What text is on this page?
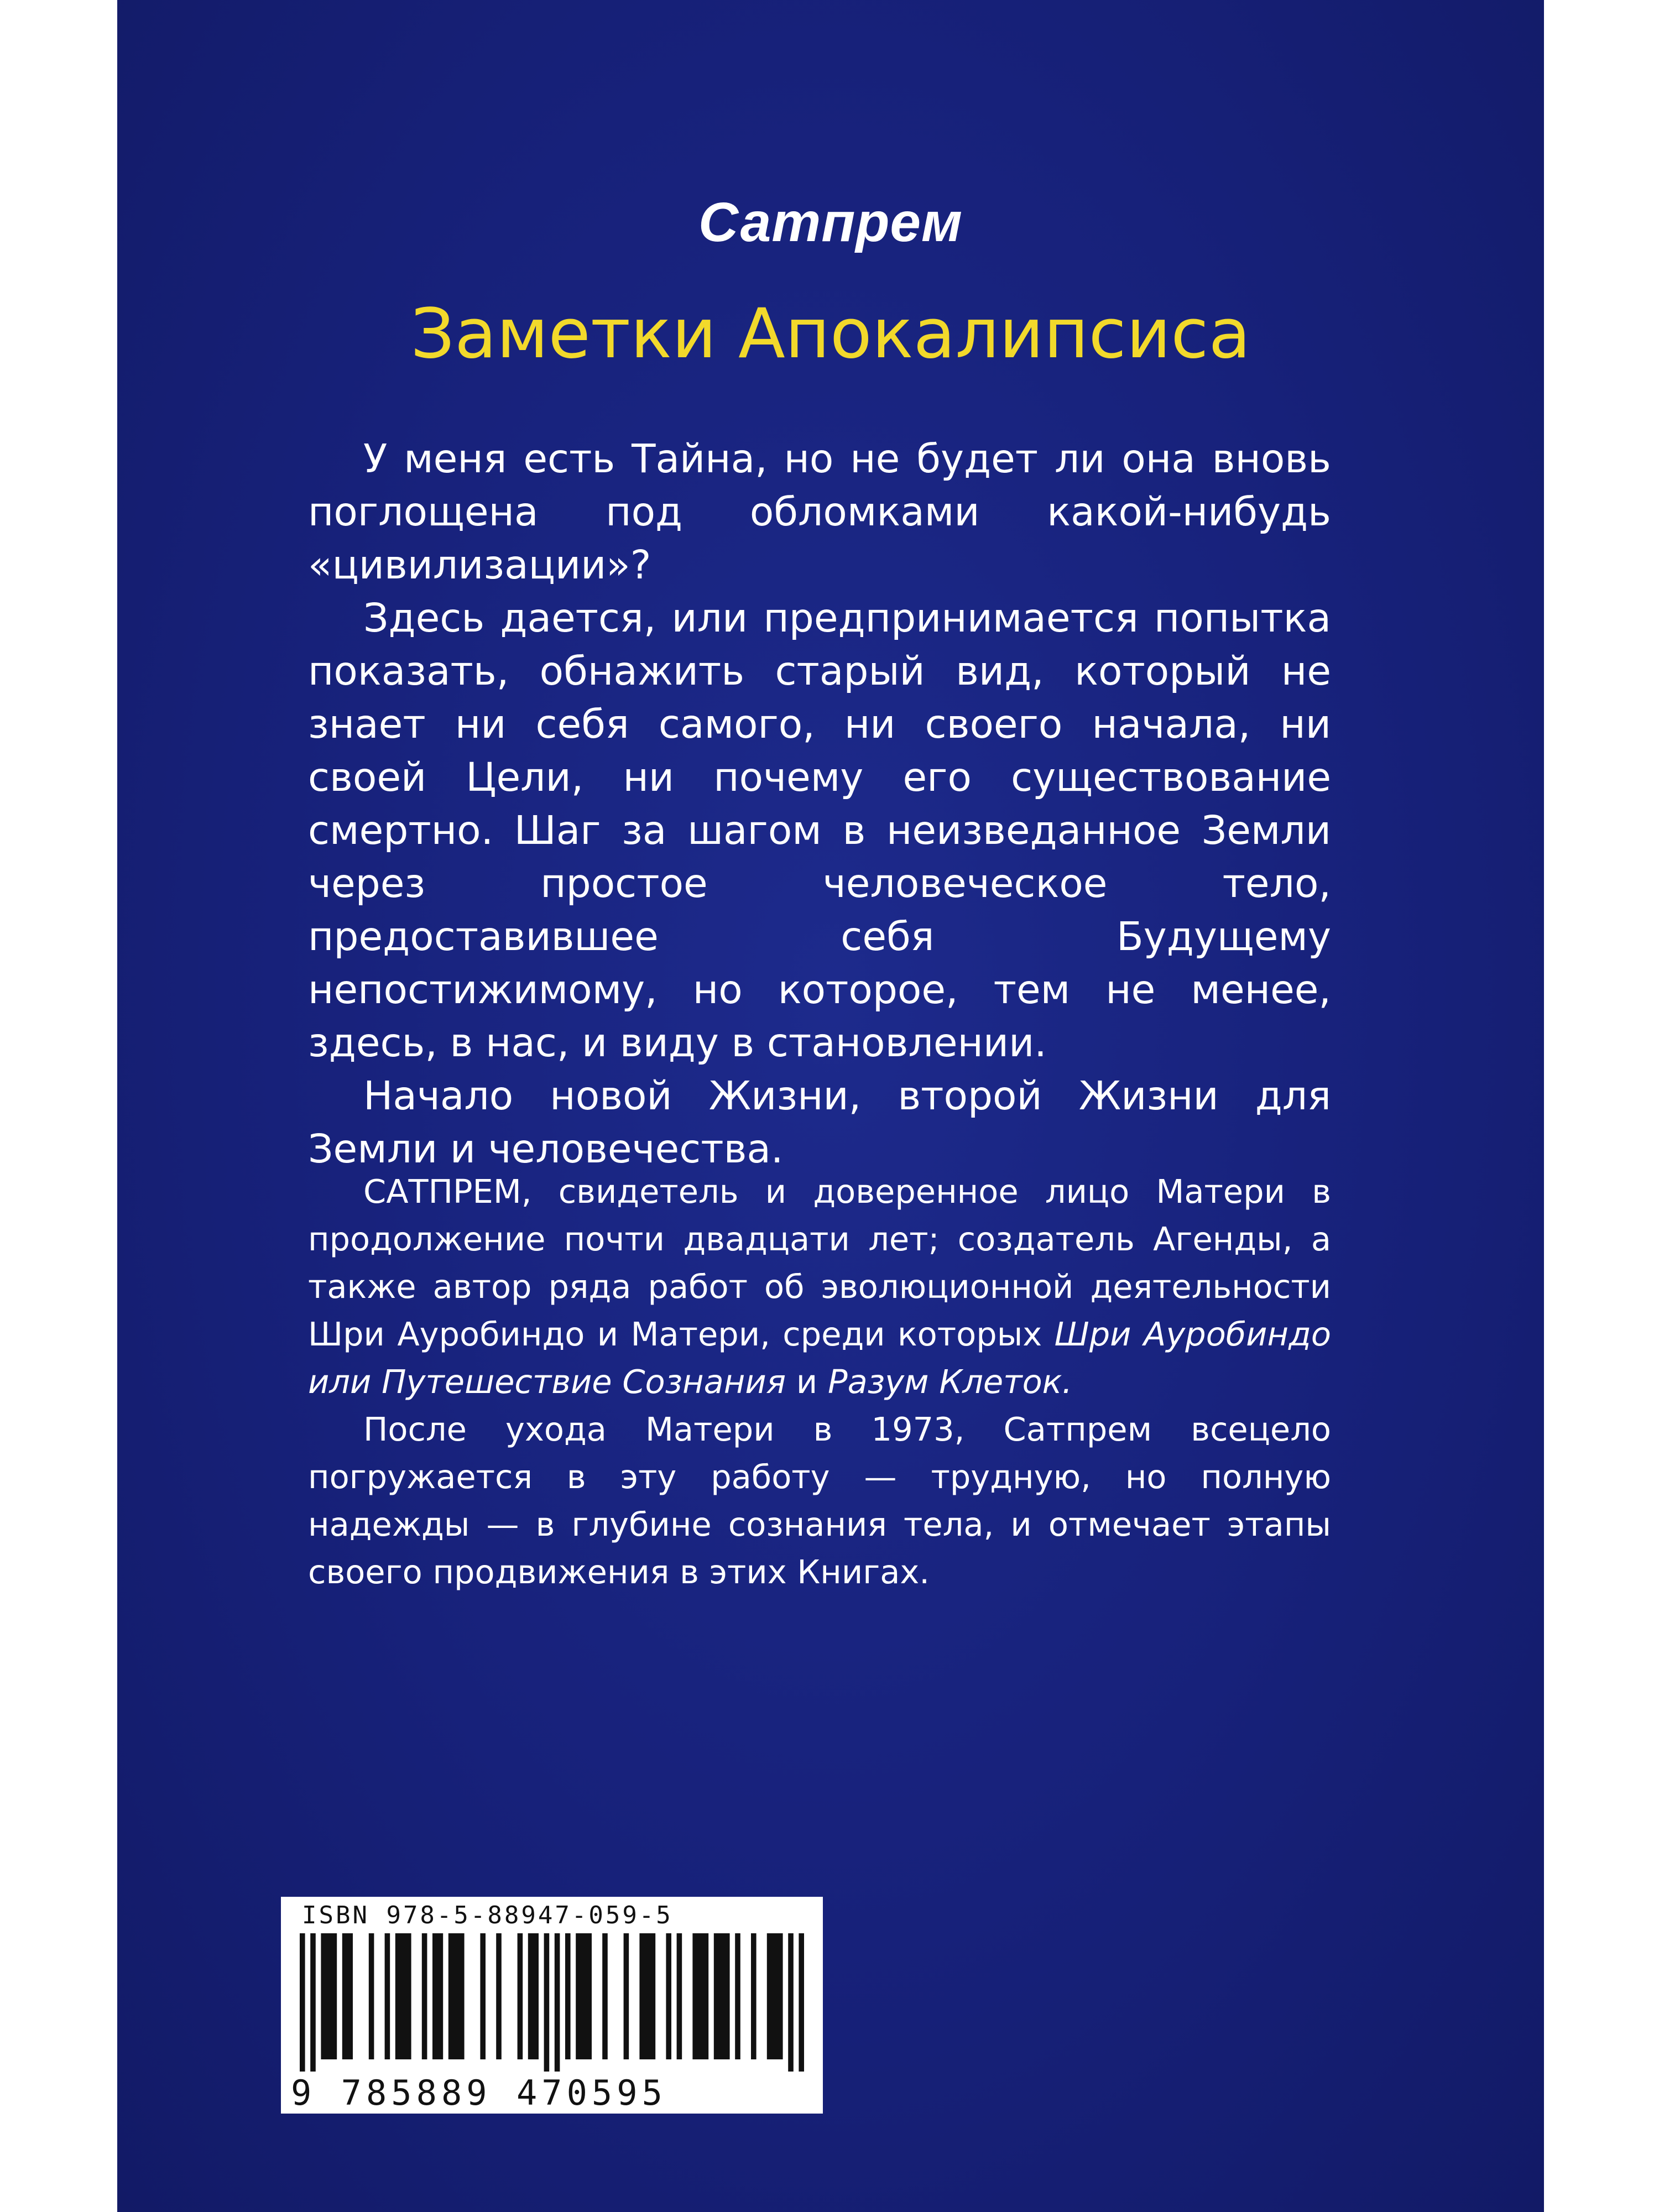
Сатпрем
Заметки Апокалипсиса

У меня есть Тайна, но не будет ли она вновь поглощена под обломками какой-нибудь «цивилизации»?

Здесь дается, или предпринимается попытка показать, обнажить старый вид, который не знает ни себя самого, ни своего начала, ни своей Цели, ни почему его существование смертно. Шаг за шагом в неизведанное Земли через простое человеческое тело, предоставившее себя Будущему непостижимому, но которое, тем не менее, здесь, в нас, и виду в становлении.

Начало новой Жизни, второй Жизни для Земли и человечества.

САТПРЕМ, свидетель и доверенное лицо Матери в продолжение почти двадцати лет; создатель Агенды, а также автор ряда работ об эволюционной деятельности Шри Ауробиндо и Матери, среди которых Шри Ауробиндо или Путешествие Сознания и Разум Клеток.

После ухода Матери в 1973, Сатпрем всецело погружается в эту работу — трудную, но полную надежды — в глубине сознания тела, и отмечает этапы своего продвижения в этих Книгах.

ISBN 978-5-88947-059-5
9 785889 470595
